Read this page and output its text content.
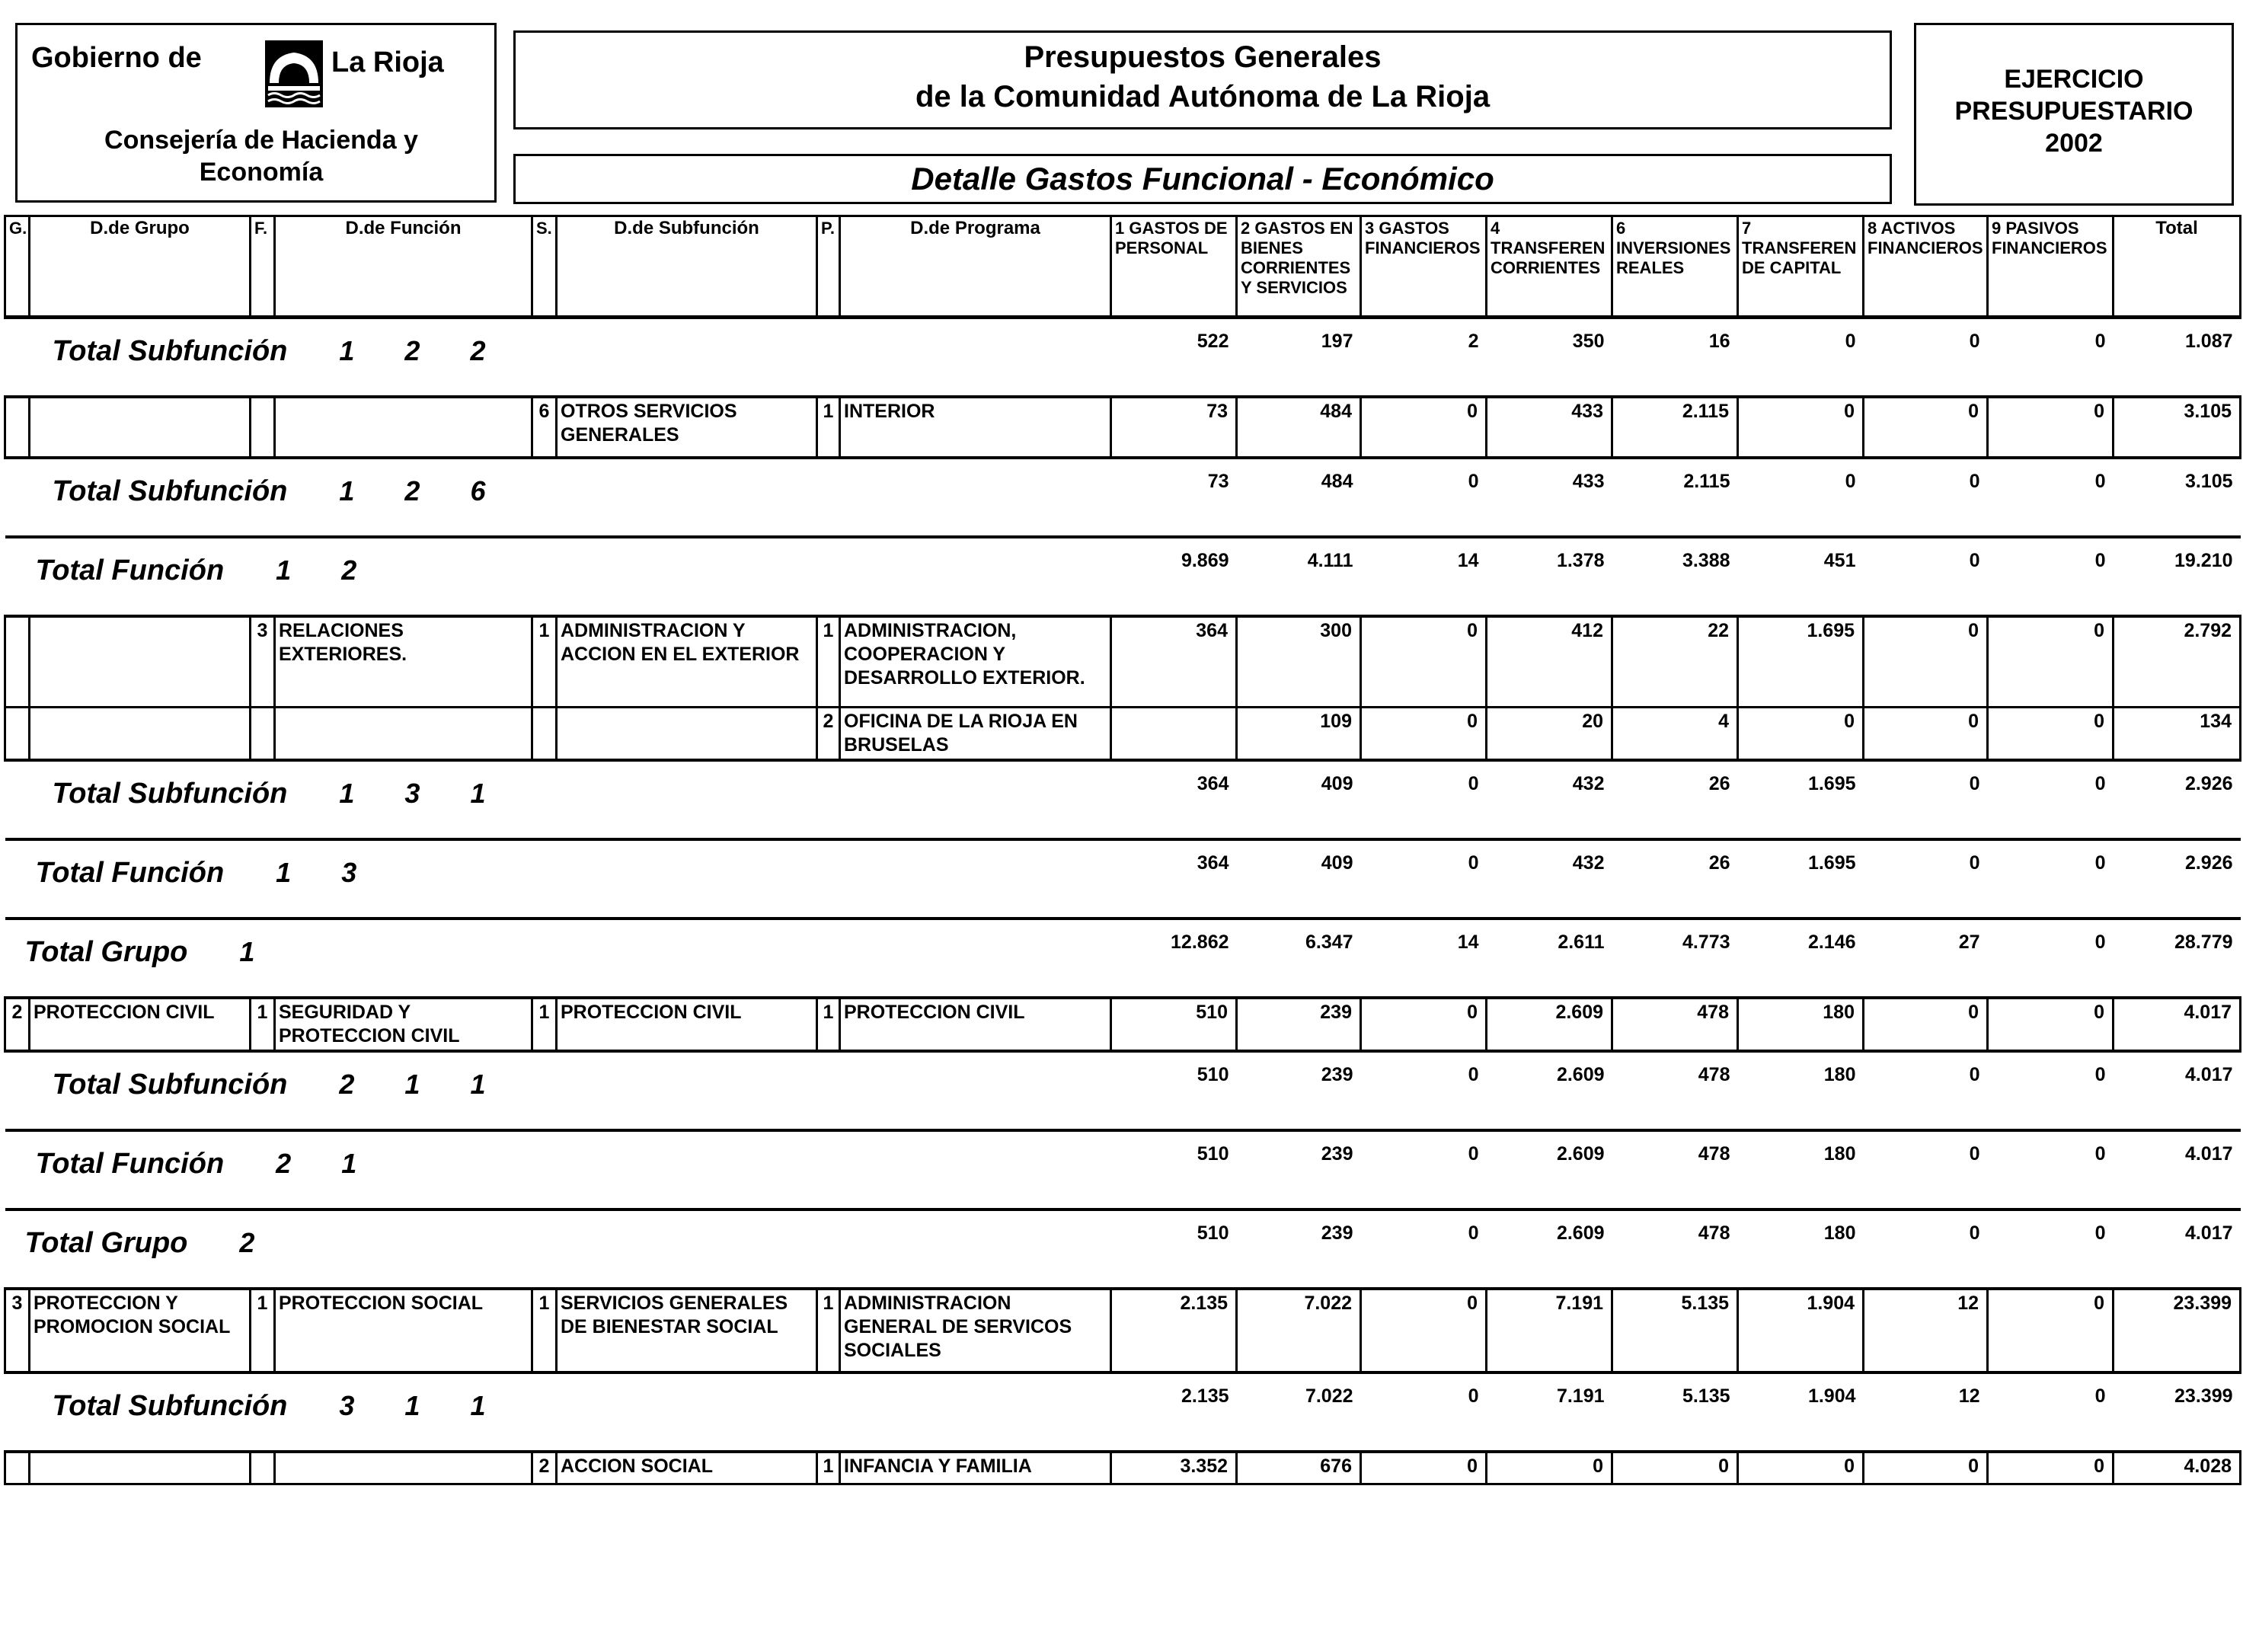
Gobierno de	La Rioja
Consejería de Hacienda y Economía
Presupuestos Generales
de la Comunidad Autónoma de La Rioja
Detalle Gastos Funcional - Económico
EJERCICIO
PRESUPUESTARIO
2002
G.	D.de Grupo	F.	D.de Función	S.	D.de Subfunción	P.	D.de Programa	1 GASTOS DE PERSONAL	2 GASTOS EN BIENES CORRIENTES Y SERVICIOS	3 GASTOS FINANCIEROS	4 TRANSFEREN CORRIENTES	6 INVERSIONES REALES	7 TRANSFEREN DE CAPITAL	8 ACTIVOS FINANCIEROS	9 PASIVOS FINANCIEROS	Total
Total Subfunción 1 2 2								522	197	2	350	16	0	0	0	1.087
				6	OTROS SERVICIOS GENERALES	1	INTERIOR	73	484	0	433	2.115	0	0	0	3.105
Total Subfunción 1 2 6								73	484	0	433	2.115	0	0	0	3.105
Total Función 1 2								9.869	4.111	14	1.378	3.388	451	0	0	19.210
		3	RELACIONES EXTERIORES.	1	ADMINISTRACION Y ACCION EN EL EXTERIOR	1	ADMINISTRACION, COOPERACION Y DESARROLLO EXTERIOR.	364	300	0	412	22	1.695	0	0	2.792
						2	OFICINA DE LA RIOJA EN BRUSELAS		109	0	20	4	0	0	0	134
Total Subfunción 1 3 1								364	409	0	432	26	1.695	0	0	2.926
Total Función 1 3								364	409	0	432	26	1.695	0	0	2.926
Total Grupo 1								12.862	6.347	14	2.611	4.773	2.146	27	0	28.779
2	PROTECCION CIVIL	1	SEGURIDAD Y PROTECCION CIVIL	1	PROTECCION CIVIL	1	PROTECCION CIVIL	510	239	0	2.609	478	180	0	0	4.017
Total Subfunción 2 1 1								510	239	0	2.609	478	180	0	0	4.017
Total Función 2 1								510	239	0	2.609	478	180	0	0	4.017
Total Grupo 2								510	239	0	2.609	478	180	0	0	4.017
3	PROTECCION Y PROMOCION SOCIAL	1	PROTECCION SOCIAL	1	SERVICIOS GENERALES DE BIENESTAR SOCIAL	1	ADMINISTRACION GENERAL DE SERVICOS SOCIALES	2.135	7.022	0	7.191	5.135	1.904	12	0	23.399
Total Subfunción 3 1 1								2.135	7.022	0	7.191	5.135	1.904	12	0	23.399
				2	ACCION SOCIAL	1	INFANCIA Y FAMILIA	3.352	676	0	0	0	0	0	0	4.028
